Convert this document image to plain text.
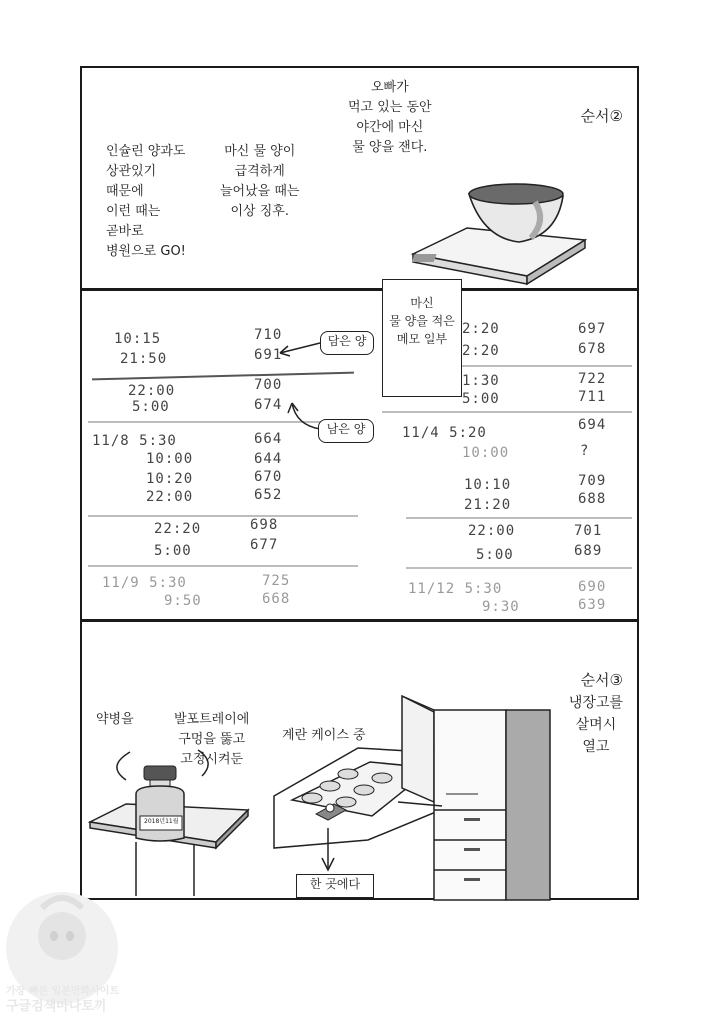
순서②
인슐린 양과도
상관있기
때문에
이런 때는
곧바로
병원으로 GO!
마신 물 양이
급격하게
늘어났을 때는
이상 징후.
오빠가
먹고 있는 동안
야간에 마신
물 양을 잰다.
10:15	710
21:50	691
22:00	700
5:00	674
11/8 5:30	664
10:00	644
10:20	670
22:00	652
22:20	698
5:00	677
11/9 5:30	725
9:50	668
2:20	697
2:20	678
1:30	722
5:00	711
11/4 5:20	694
10:00	?
10:10	709
21:20	688
22:00	701
5:00	689
11/12 5:30	690
9:30	639
마신
물 양을 적은
메모 일부
담은 양
남은 양
순서③
냉장고를
살며시
열고
약병을	발포트레이에
구멍을 뚫고
고정시켜둔
계란 케이스 중
2018년11월
한 곳에다
가장 빠른 일본만화사이트
구글검색마나토끼
